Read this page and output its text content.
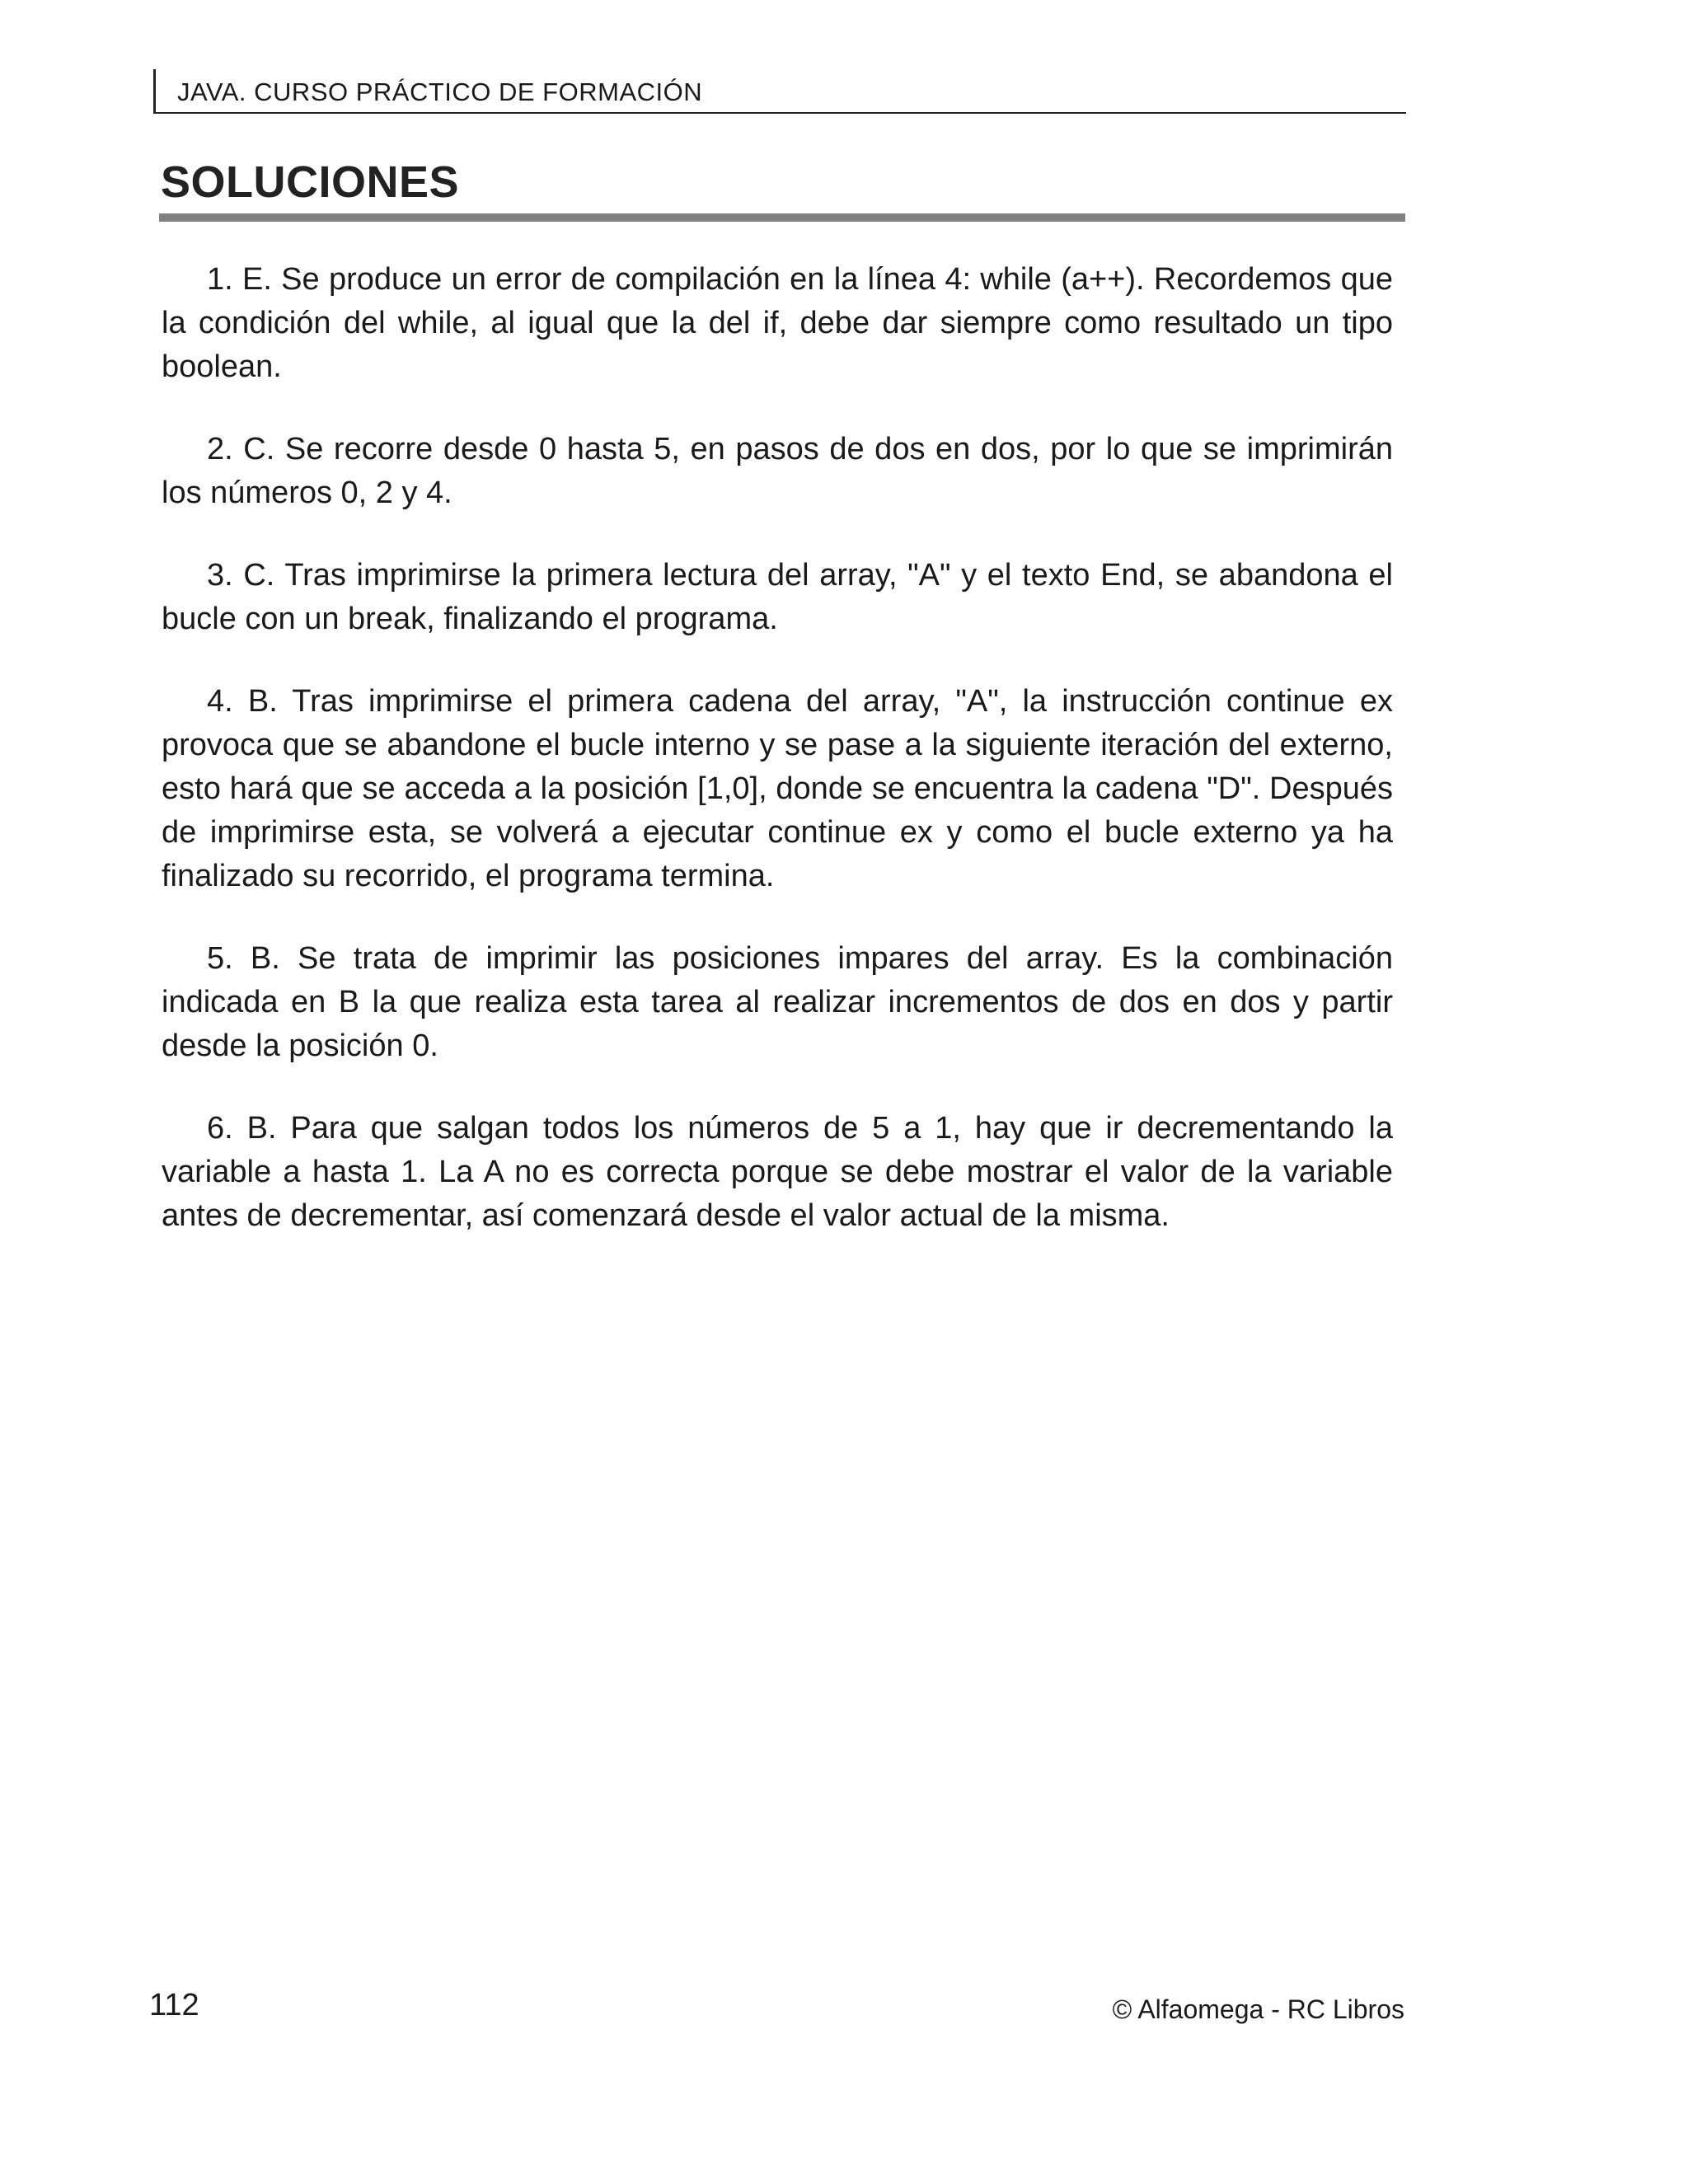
JAVA. CURSO PRÁCTICO DE FORMACIÓN
SOLUCIONES

1. E. Se produce un error de compilación en la línea 4: while (a++). Recordemos que la condición del while, al igual que la del if, debe dar siempre como resultado un tipo boolean.

2. C. Se recorre desde 0 hasta 5, en pasos de dos en dos, por lo que se imprimirán los números 0, 2 y 4.

3. C. Tras imprimirse la primera lectura del array, "A" y el texto End, se abandona el bucle con un break, finalizando el programa.

4. B. Tras imprimirse el primera cadena del array, "A", la instrucción continue ex provoca que se abandone el bucle interno y se pase a la siguiente iteración del externo, esto hará que se acceda a la posición [1,0], donde se encuentra la cadena "D". Después de imprimirse esta, se volverá a ejecutar continue ex y como el bucle externo ya ha finalizado su recorrido, el programa termina.

5. B. Se trata de imprimir las posiciones impares del array. Es la combinación indicada en B la que realiza esta tarea al realizar incrementos de dos en dos y partir desde la posición 0.

6. B. Para que salgan todos los números de 5 a 1, hay que ir decrementando la variable a hasta 1. La A no es correcta porque se debe mostrar el valor de la variable antes de decrementar, así comenzará desde el valor actual de la misma.

112	© Alfaomega - RC Libros
